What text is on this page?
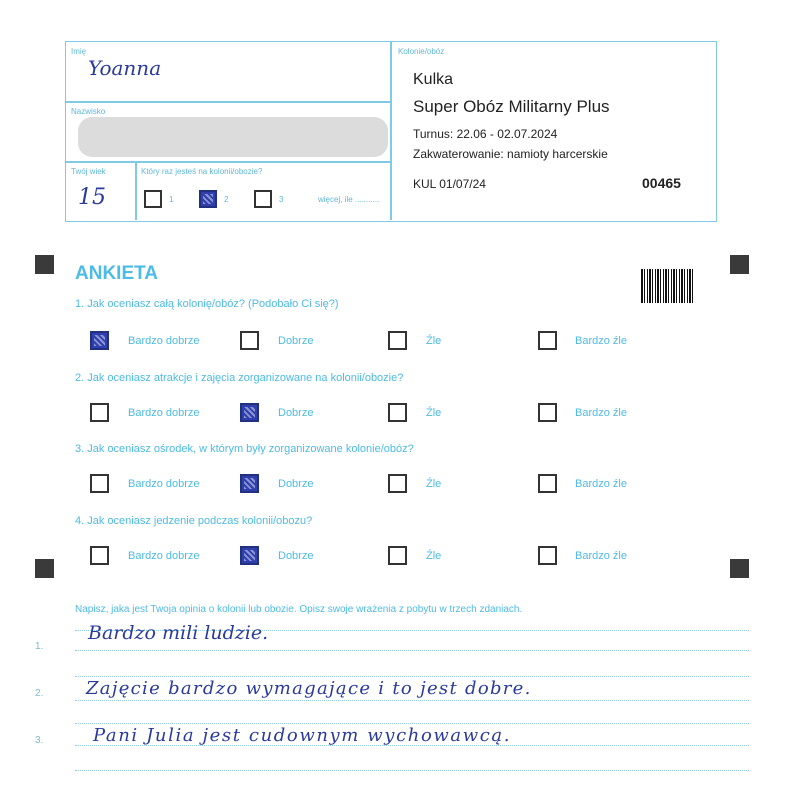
Imię
Yoanna
Nazwisko
Twój wiek
15
Który raz jesteś na kolonii/obozie?
1	2	3	więcej, ile ...........
Kolonie/obóz
Kulka
Super Obóz Militarny Plus
Turnus: 22.06 - 02.07.2024
Zakwaterowanie: namioty harcerskie
KUL 01/07/24	00465
ANKIETA
1. Jak oceniasz całą kolonię/obóz? (Podobało Ci się?)
Bardzo dobrze	Dobrze	Źle	Bardzo źle
2. Jak oceniasz atrakcje i zajęcia zorganizowane na kolonii/obozie?
Bardzo dobrze	Dobrze	Źle	Bardzo źle
3. Jak oceniasz ośrodek, w którym były zorganizowane kolonie/obóz?
Bardzo dobrze	Dobrze	Źle	Bardzo źle
4. Jak oceniasz jedzenie podczas kolonii/obozu?
Bardzo dobrze	Dobrze	Źle	Bardzo źle
Napisz, jaka jest Twoja opinia o kolonii lub obozie. Opisz swoje wrażenia z pobytu w trzech zdaniach.
1.
2.
3.
Bardzo mili ludzie.
Zajęcie bardzo wymagające i to jest dobre.
Pani Julia jest cudownym wychowawcą.
